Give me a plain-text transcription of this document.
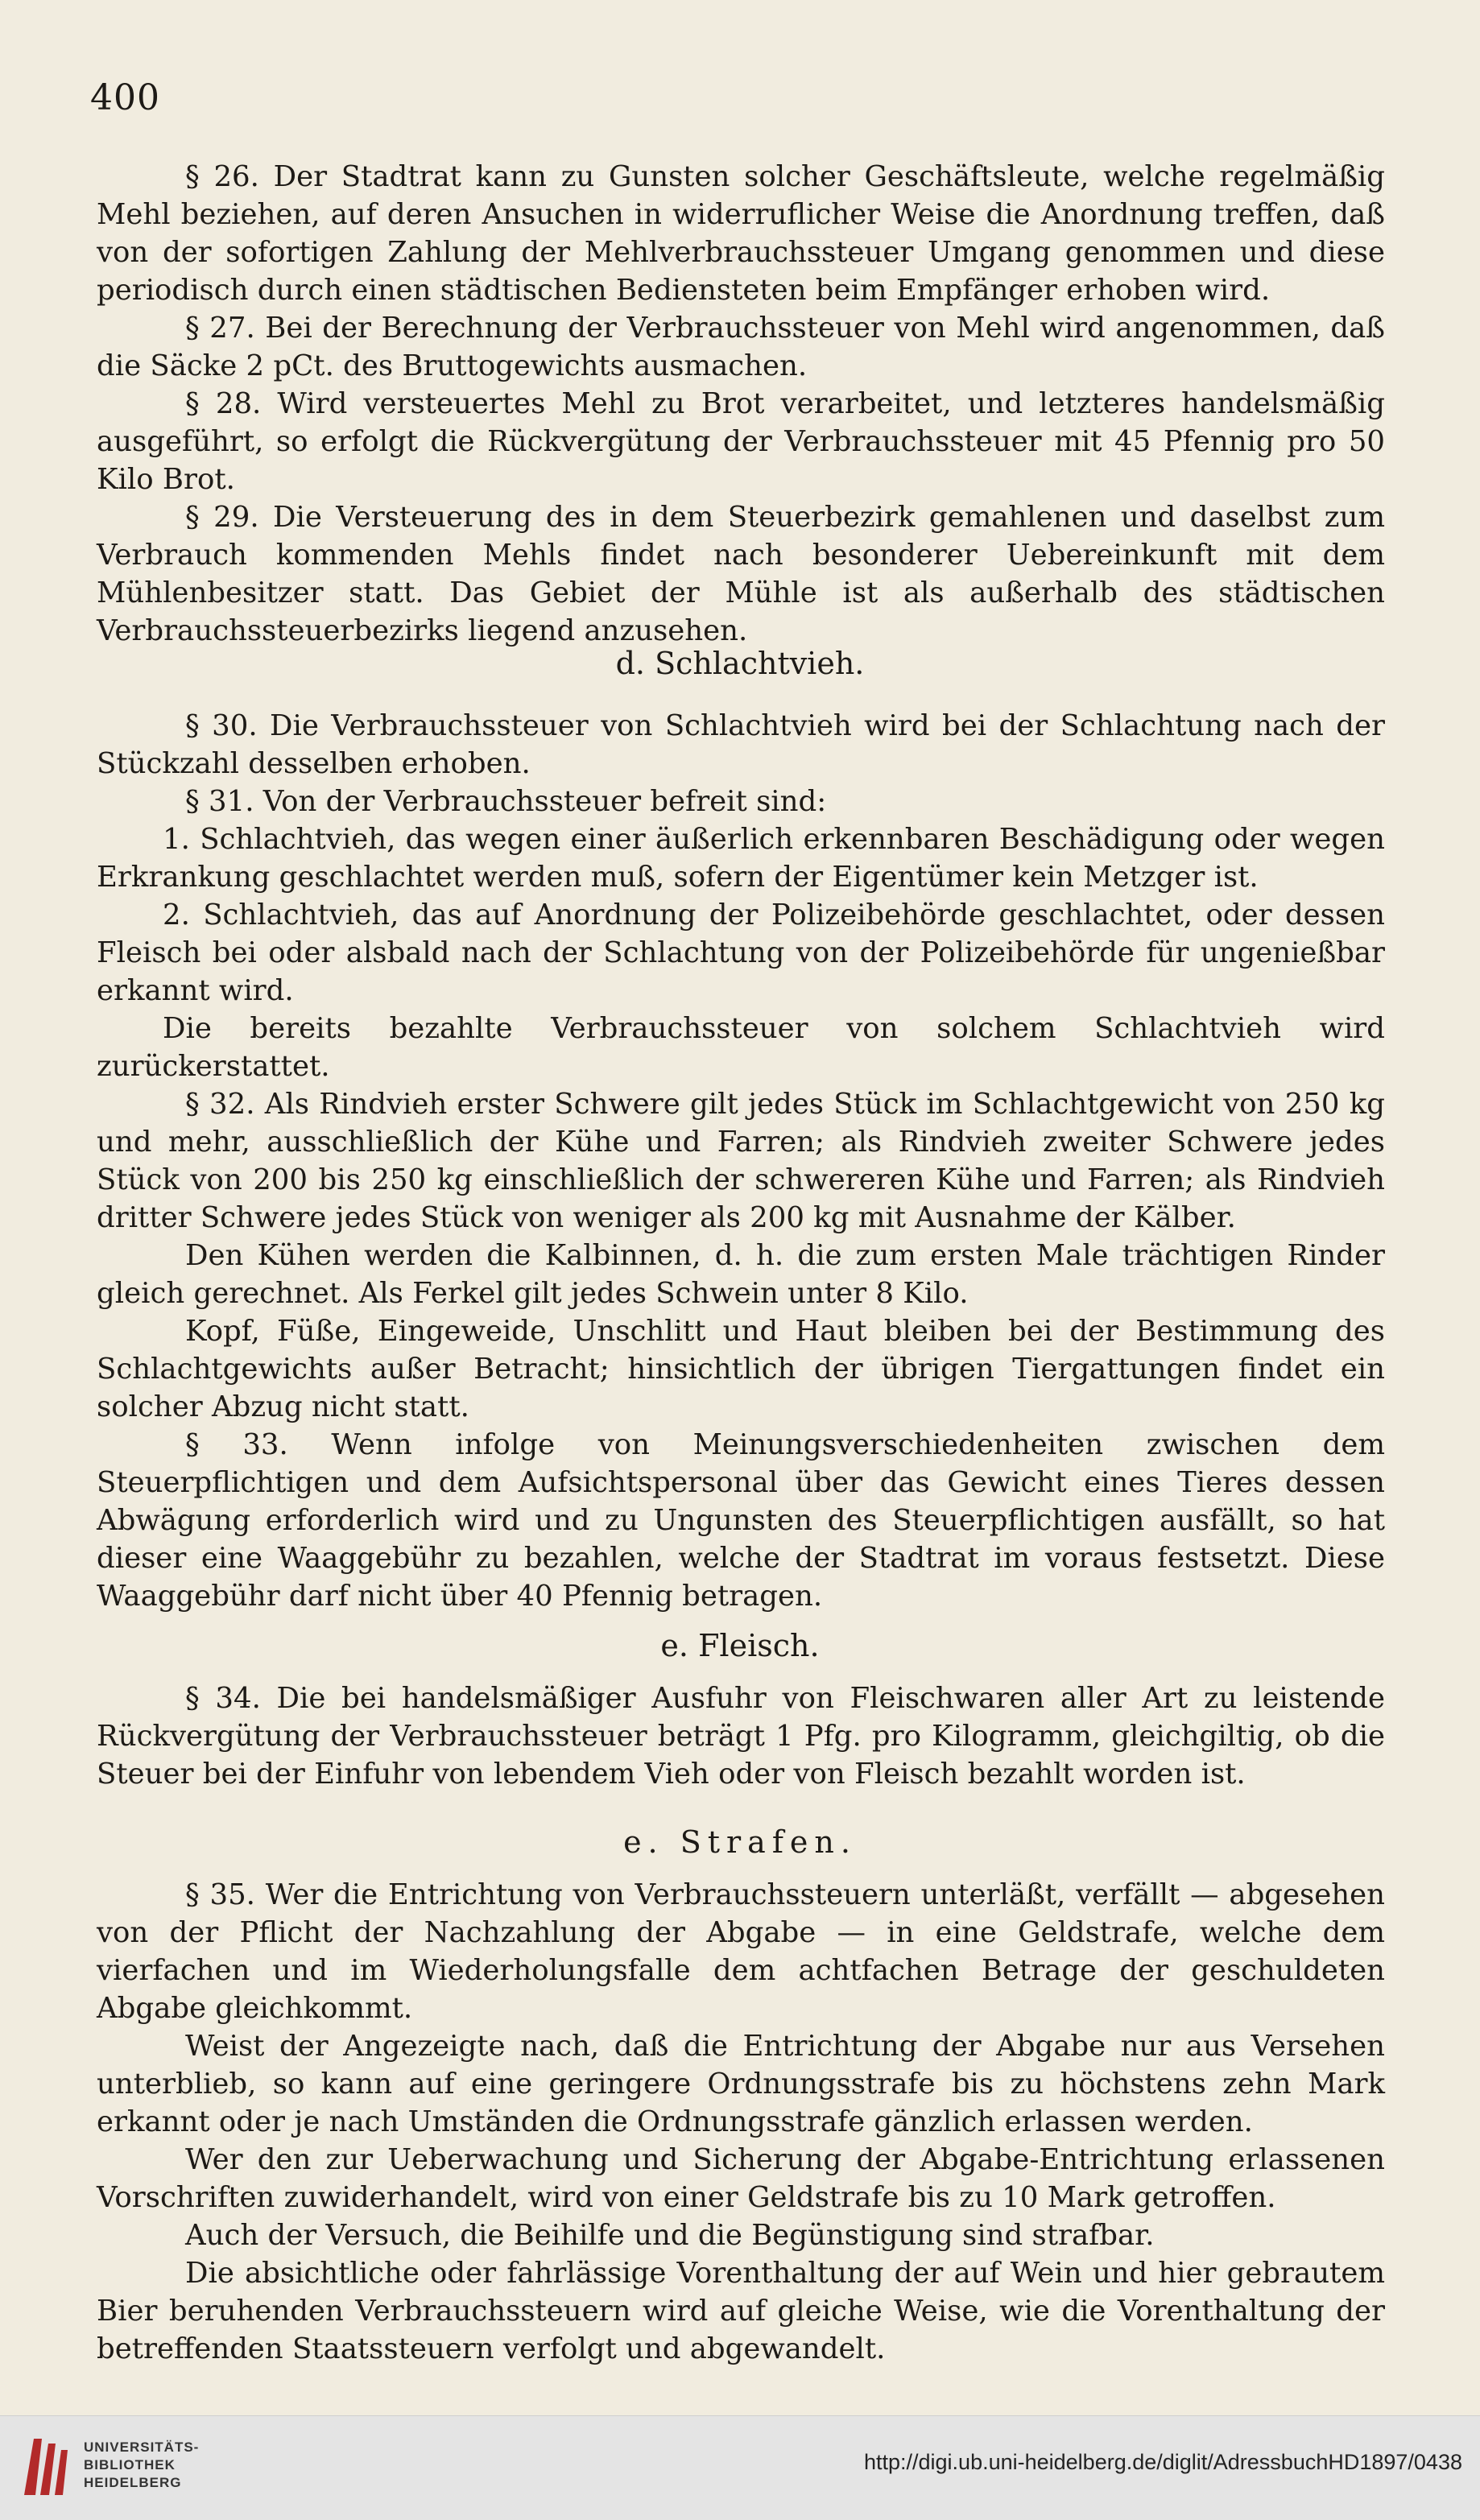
400

§ 26. Der Stadtrat kann zu Gunsten solcher Geschäftsleute, welche regelmäßig Mehl beziehen, auf deren Ansuchen in widerruflicher Weise die Anordnung treffen, daß von der sofortigen Zahlung der Mehlverbrauchssteuer Umgang genommen und diese periodisch durch einen städtischen Bediensteten beim Empfänger erhoben wird.

§ 27. Bei der Berechnung der Verbrauchssteuer von Mehl wird angenommen, daß die Säcke 2 pCt. des Bruttogewichts ausmachen.

§ 28. Wird versteuertes Mehl zu Brot verarbeitet, und letzteres handelsmäßig ausgeführt, so erfolgt die Rückvergütung der Verbrauchssteuer mit 45 Pfennig pro 50 Kilo Brot.

§ 29. Die Versteuerung des in dem Steuerbezirk gemahlenen und daselbst zum Verbrauch kommenden Mehls findet nach besonderer Uebereinkunft mit dem Mühlenbesitzer statt. Das Gebiet der Mühle ist als außerhalb des städtischen Verbrauchssteuerbezirks liegend anzusehen.

d. Schlachtvieh.

§ 30. Die Verbrauchssteuer von Schlachtvieh wird bei der Schlachtung nach der Stückzahl desselben erhoben.

§ 31. Von der Verbrauchssteuer befreit sind:

1. Schlachtvieh, das wegen einer äußerlich erkennbaren Beschädigung oder wegen Erkrankung geschlachtet werden muß, sofern der Eigentümer kein Metzger ist.

2. Schlachtvieh, das auf Anordnung der Polizeibehörde geschlachtet, oder dessen Fleisch bei oder alsbald nach der Schlachtung von der Polizeibehörde für ungenießbar erkannt wird.

Die bereits bezahlte Verbrauchssteuer von solchem Schlachtvieh wird zurückerstattet.

§ 32. Als Rindvieh erster Schwere gilt jedes Stück im Schlachtgewicht von 250 kg und mehr, ausschließlich der Kühe und Farren; als Rindvieh zweiter Schwere jedes Stück von 200 bis 250 kg einschließlich der schwereren Kühe und Farren; als Rindvieh dritter Schwere jedes Stück von weniger als 200 kg mit Ausnahme der Kälber.

Den Kühen werden die Kalbinnen, d. h. die zum ersten Male trächtigen Rinder gleich gerechnet. Als Ferkel gilt jedes Schwein unter 8 Kilo.

Kopf, Füße, Eingeweide, Unschlitt und Haut bleiben bei der Bestimmung des Schlachtgewichts außer Betracht; hinsichtlich der übrigen Tiergattungen findet ein solcher Abzug nicht statt.

§ 33. Wenn infolge von Meinungsverschiedenheiten zwischen dem Steuerpflichtigen und dem Aufsichtspersonal über das Gewicht eines Tieres dessen Abwägung erforderlich wird und zu Ungunsten des Steuerpflichtigen ausfällt, so hat dieser eine Waaggebühr zu bezahlen, welche der Stadtrat im voraus festsetzt. Diese Waaggebühr darf nicht über 40 Pfennig betragen.

e. Fleisch.

§ 34. Die bei handelsmäßiger Ausfuhr von Fleischwaren aller Art zu leistende Rückvergütung der Verbrauchssteuer beträgt 1 Pfg. pro Kilogramm, gleichgiltig, ob die Steuer bei der Einfuhr von lebendem Vieh oder von Fleisch bezahlt worden ist.

e. Strafen.

§ 35. Wer die Entrichtung von Verbrauchssteuern unterläßt, verfällt — abgesehen von der Pflicht der Nachzahlung der Abgabe — in eine Geldstrafe, welche dem vierfachen und im Wiederholungsfalle dem achtfachen Betrage der geschuldeten Abgabe gleichkommt.

Weist der Angezeigte nach, daß die Entrichtung der Abgabe nur aus Versehen unterblieb, so kann auf eine geringere Ordnungsstrafe bis zu höchstens zehn Mark erkannt oder je nach Umständen die Ordnungsstrafe gänzlich erlassen werden.

Wer den zur Ueberwachung und Sicherung der Abgabe-Entrichtung erlassenen Vorschriften zuwiderhandelt, wird von einer Geldstrafe bis zu 10 Mark getroffen.

Auch der Versuch, die Beihilfe und die Begünstigung sind strafbar.

Die absichtliche oder fahrlässige Vorenthaltung der auf Wein und hier gebrautem Bier beruhenden Verbrauchssteuern wird auf gleiche Weise, wie die Vorenthaltung der betreffenden Staatssteuern verfolgt und abgewandelt.

UNIVERSITÄTS-
BIBLIOTHEK
HEIDELBERG
http://digi.ub.uni-heidelberg.de/diglit/AdressbuchHD1897/0438
